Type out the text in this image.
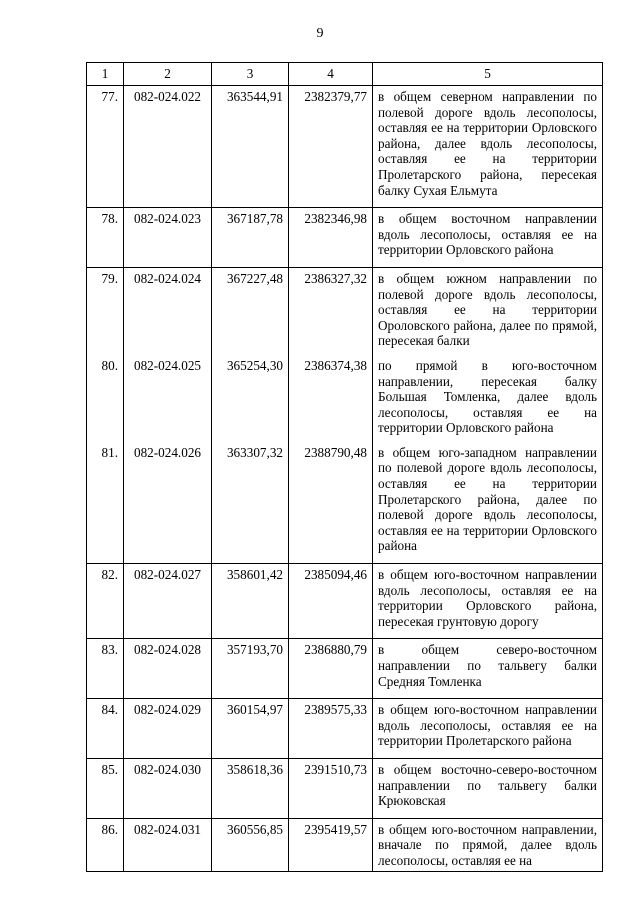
9
1	2	3	4	5
77.	082-024.022	363544,91	2382379,77	в общем северном направлении по полевой дороге вдоль лесополосы, оставляя ее на территории Орловского района, далее вдоль лесополосы, оставляя ее на территории Пролетарского района, пересекая балку Сухая Ельмута
78.	082-024.023	367187,78	2382346,98	в общем восточном направлении вдоль лесополосы, оставляя ее на территории Орловского района
79.	082-024.024	367227,48	2386327,32	в общем южном направлении по полевой дороге вдоль лесополосы, оставляя ее на территории Ороловского района, далее по прямой, пересекая балки
80.	082-024.025	365254,30	2386374,38	по прямой в юго-восточном направлении, пересекая балку Большая Томленка, далее вдоль лесополосы, оставляя ее на территории Орловского района
81.	082-024.026	363307,32	2388790,48	в общем юго-западном направлении по полевой дороге вдоль лесополосы, оставляя ее на территории Пролетарского района, далее по полевой дороге вдоль лесополосы, оставляя ее на территории Орловского района
82.	082-024.027	358601,42	2385094,46	в общем юго-восточном направлении вдоль лесополосы, оставляя ее на территории Орловского района, пересекая грунтовую дорогу
83.	082-024.028	357193,70	2386880,79	в общем северо-восточном направлении по тальвегу балки Средняя Томленка
84.	082-024.029	360154,97	2389575,33	в общем юго-восточном направлении вдоль лесополосы, оставляя ее на территории Пролетарского района
85.	082-024.030	358618,36	2391510,73	в общем восточно-северо-восточном направлении по тальвегу балки Крюковская
86.	082-024.031	360556,85	2395419,57	в общем юго-восточном направлении, вначале по прямой, далее вдоль лесополосы, оставляя ее на
